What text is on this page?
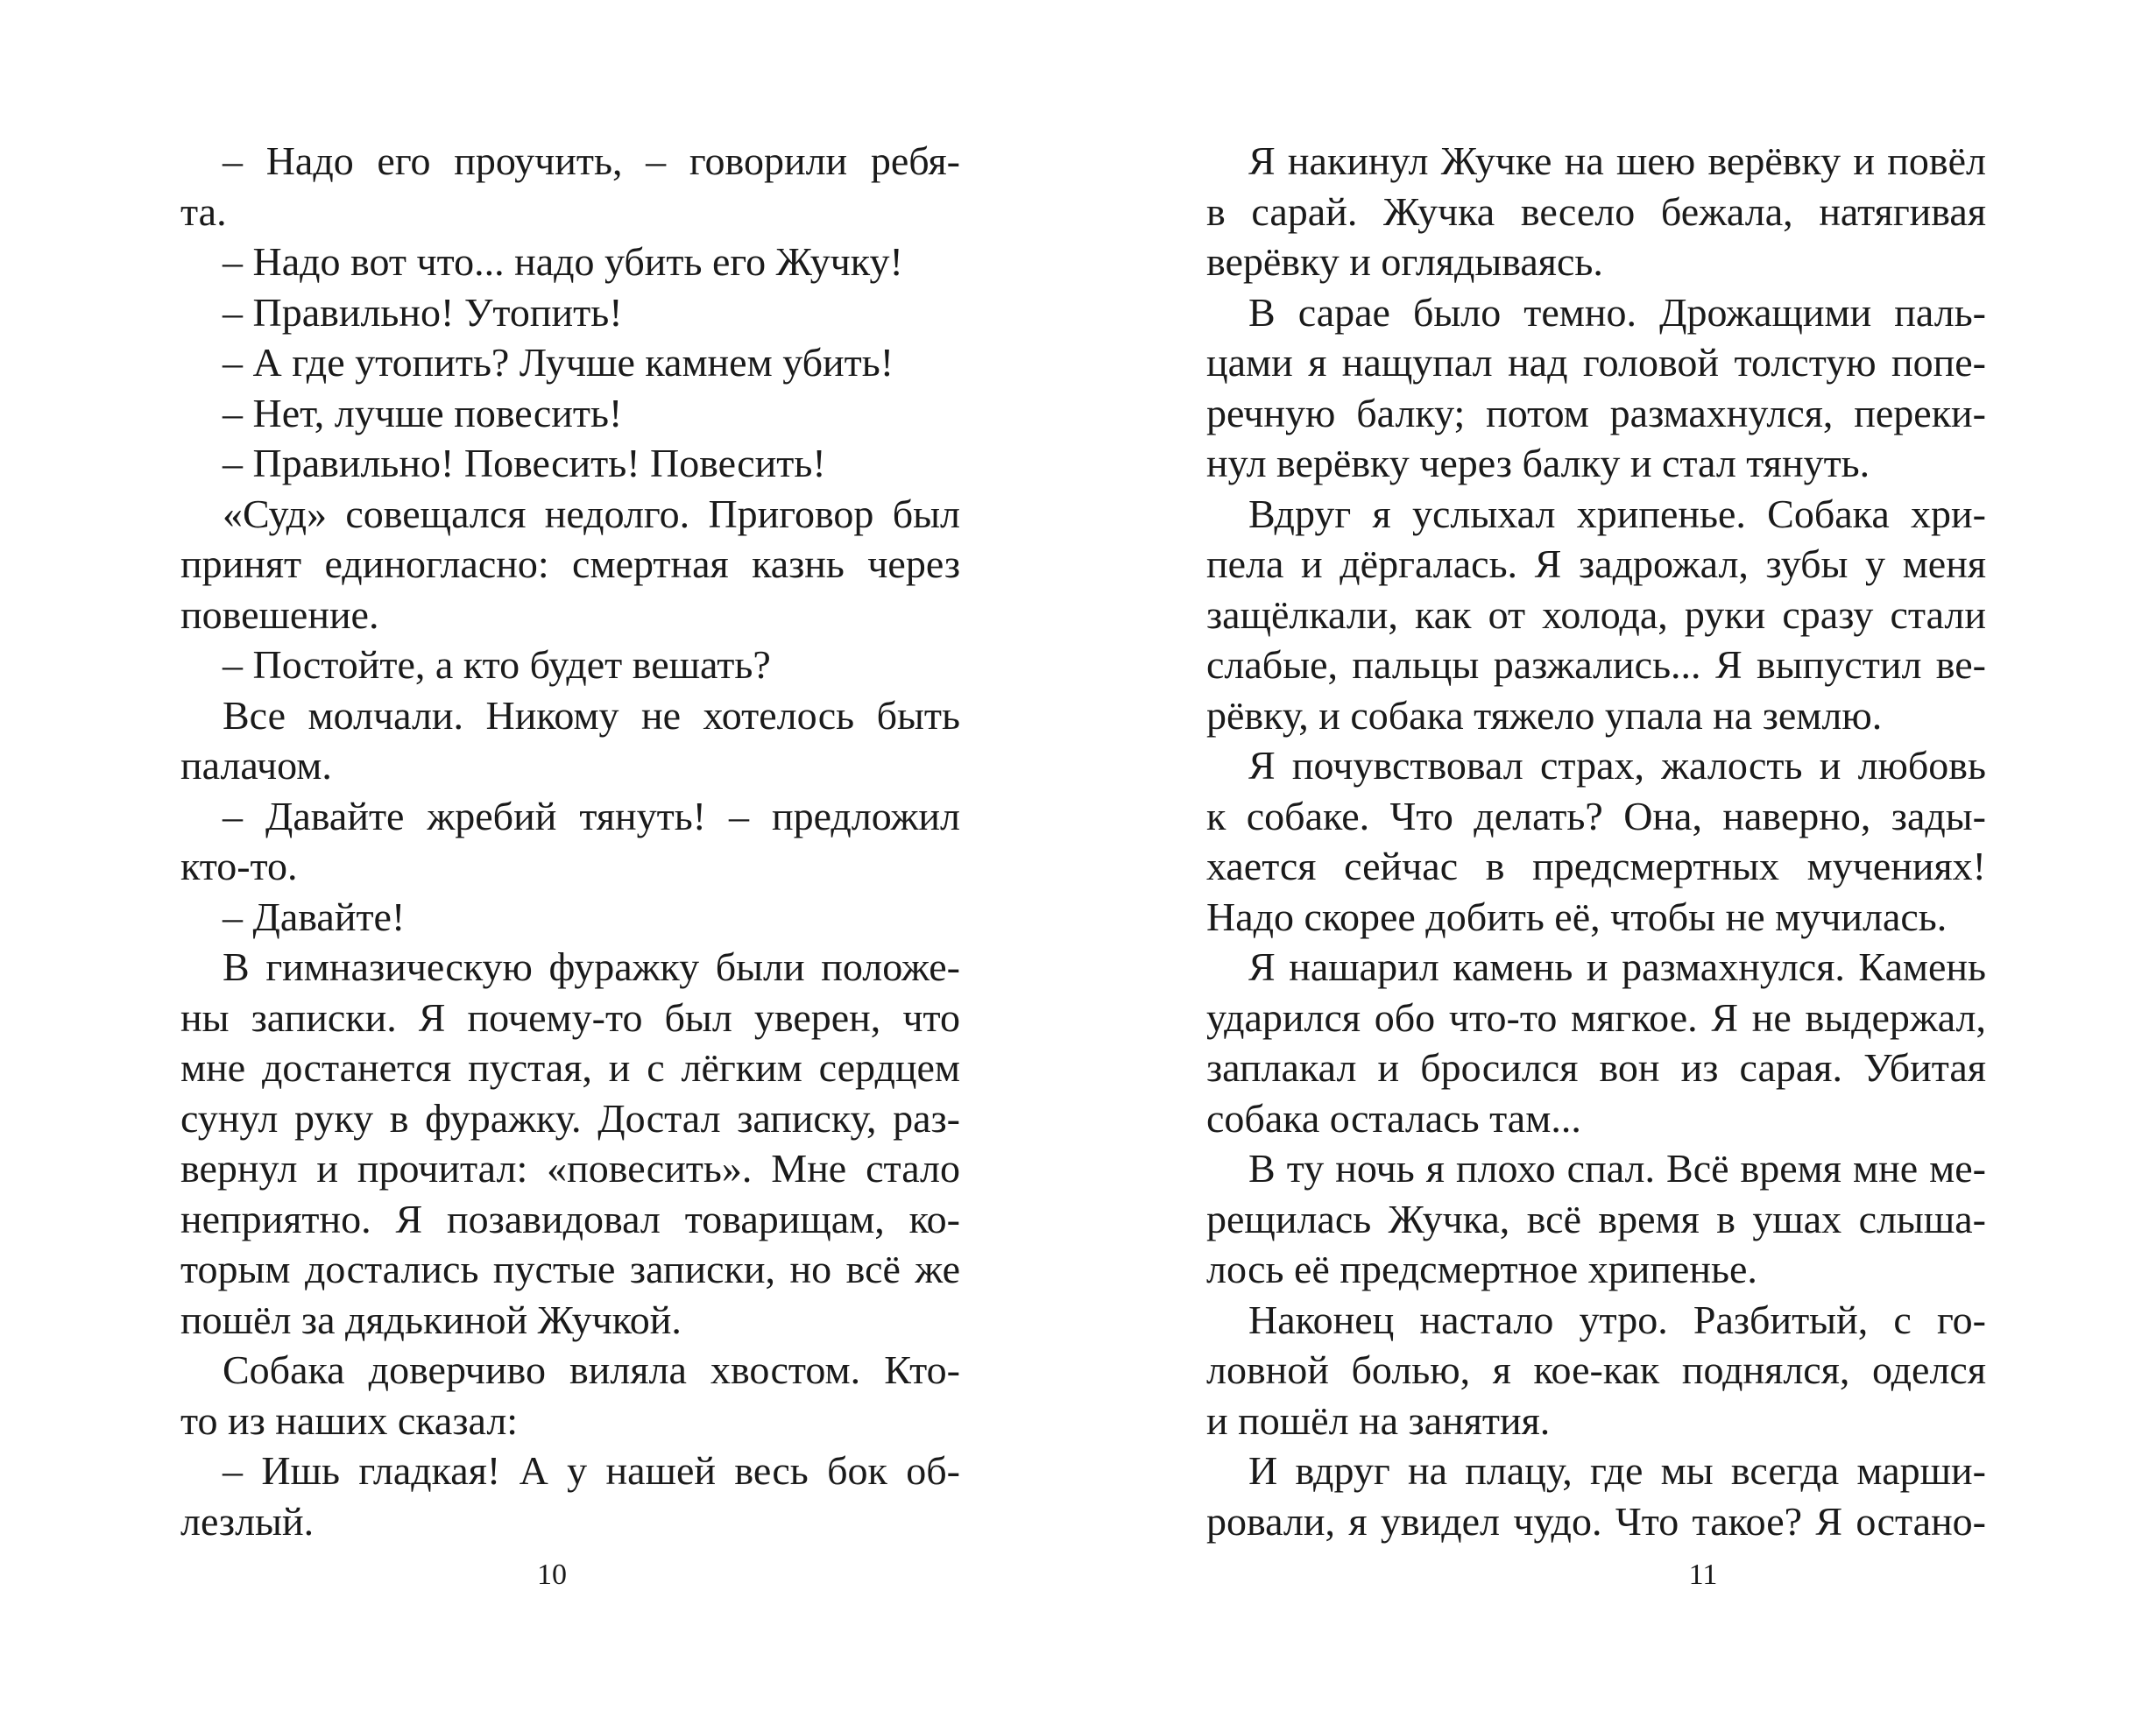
– Надо его проучить, – говорили ребя-
та.
– Надо вот что... надо убить его Жучку!
– Правильно! Утопить!
– А где утопить? Лучше камнем убить!
– Нет, лучше повесить!
– Правильно! Повесить! Повесить!
«Суд» совещался недолго. Приговор был
принят единогласно: смертная казнь через
повешение.
– Постойте, а кто будет вешать?
Все молчали. Никому не хотелось быть
палачом.
– Давайте жребий тянуть! – предложил
кто-то.
– Давайте!
В гимназическую фуражку были положе-
ны записки. Я почему-то был уверен, что
мне достанется пустая, и с лёгким сердцем
сунул руку в фуражку. Достал записку, раз-
вернул и прочитал: «повесить». Мне стало
неприятно. Я позавидовал товарищам, ко-
торым достались пустые записки, но всё же
пошёл за дядькиной Жучкой.
Собака доверчиво виляла хвостом. Кто-
то из наших сказал:
– Ишь гладкая! А у нашей весь бок об-
лезлый.
10
Я накинул Жучке на шею верёвку и повёл
в сарай. Жучка весело бежала, натягивая
верёвку и оглядываясь.
В сарае было темно. Дрожащими паль-
цами я нащупал над головой толстую попе-
речную балку; потом размахнулся, переки-
нул верёвку через балку и стал тянуть.
Вдруг я услыхал хрипенье. Собака хри-
пела и дёргалась. Я задрожал, зубы у меня
защёлкали, как от холода, руки сразу стали
слабые, пальцы разжались... Я выпустил ве-
рёвку, и собака тяжело упала на землю.
Я почувствовал страх, жалость и любовь
к собаке. Что делать? Она, наверно, зады-
хается сейчас в предсмертных мучениях!
Надо скорее добить её, чтобы не мучилась.
Я нашарил камень и размахнулся. Камень
ударился обо что-то мягкое. Я не выдержал,
заплакал и бросился вон из сарая. Убитая
собака осталась там...
В ту ночь я плохо спал. Всё время мне ме-
рещилась Жучка, всё время в ушах слыша-
лось её предсмертное хрипенье.
Наконец настало утро. Разбитый, с го-
ловной болью, я кое-как поднялся, оделся
и пошёл на занятия.
И вдруг на плацу, где мы всегда марши-
ровали, я увидел чудо. Что такое? Я остано-
11
